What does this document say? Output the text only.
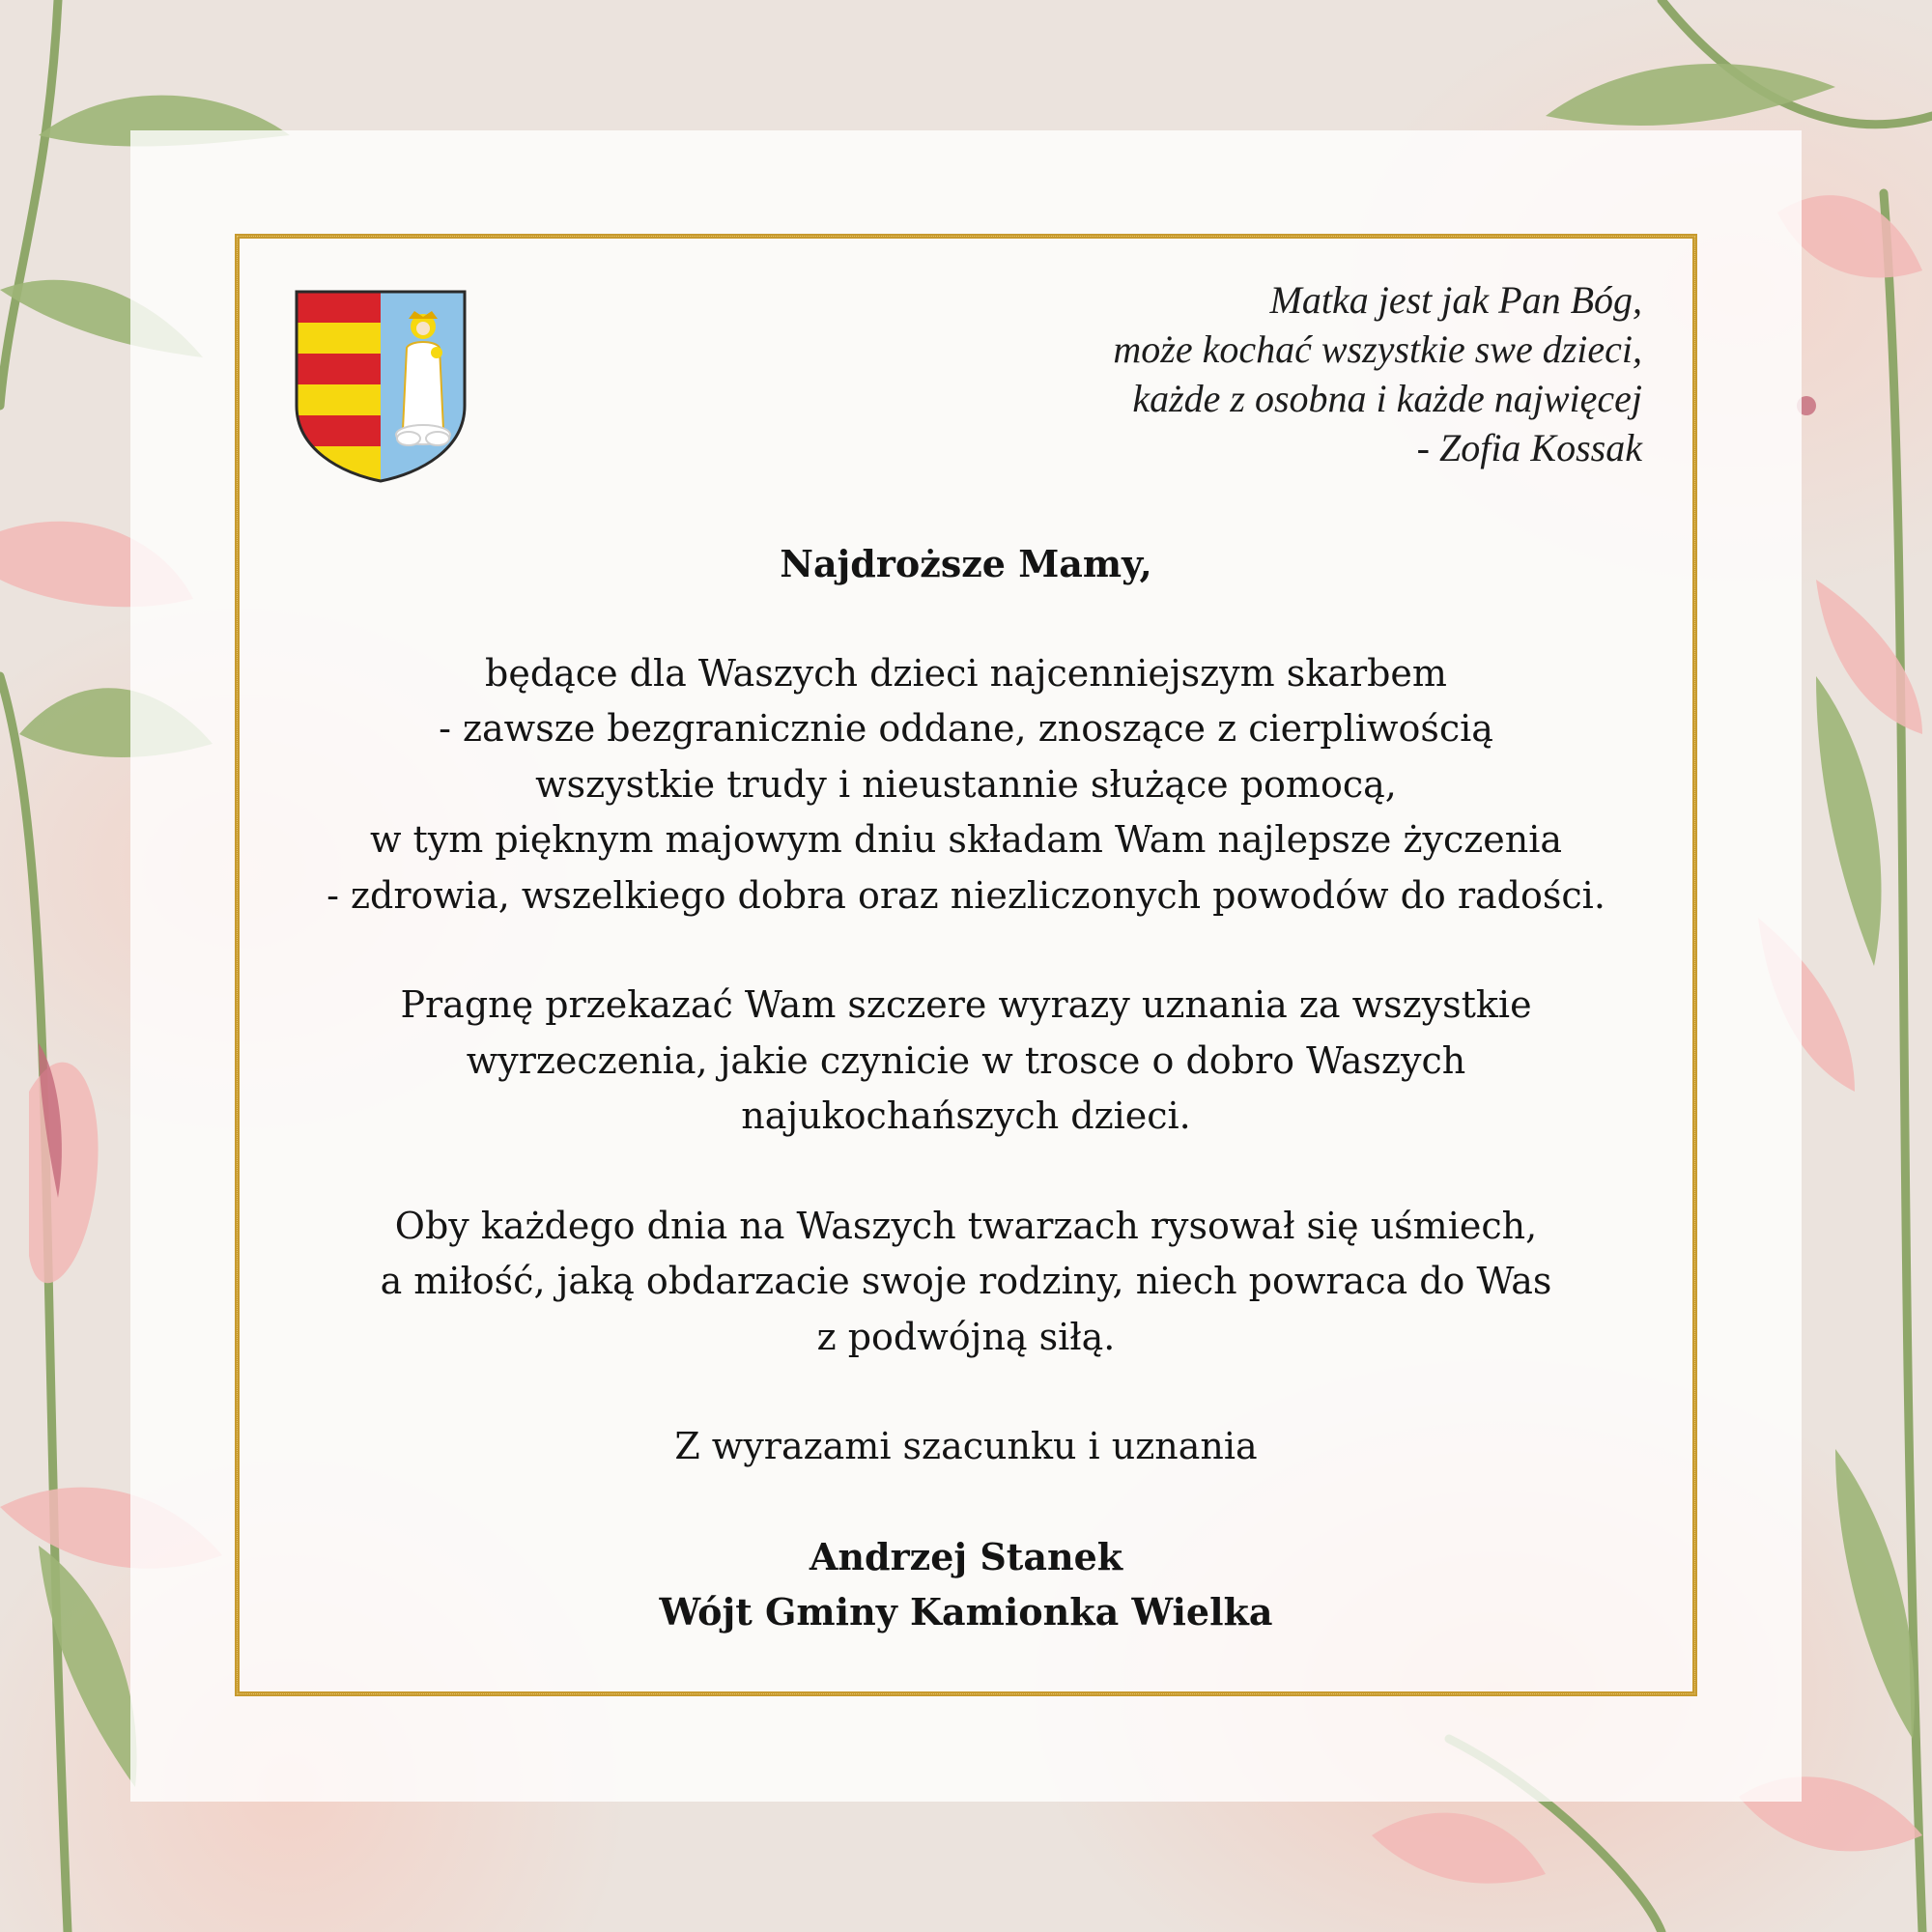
Matka jest jak Pan Bóg,
może kochać wszystkie swe dzieci,
każde z osobna i każde najwięcej
- Zofia Kossak
Najdroższe Mamy,
będące dla Waszych dzieci najcenniejszym skarbem
- zawsze bezgranicznie oddane, znoszące z cierpliwością
wszystkie trudy i nieustannie służące pomocą,
w tym pięknym majowym dniu składam Wam najlepsze życzenia
- zdrowia, wszelkiego dobra oraz niezliczonych powodów do radości.
Pragnę przekazać Wam szczere wyrazy uznania za wszystkie
wyrzeczenia, jakie czynicie w trosce o dobro Waszych
najukochańszych dzieci.
Oby każdego dnia na Waszych twarzach rysował się uśmiech,
a miłość, jaką obdarzacie swoje rodziny, niech powraca do Was
z podwójną siłą.
Z wyrazami szacunku i uznania
Andrzej Stanek
Wójt Gminy Kamionka Wielka
